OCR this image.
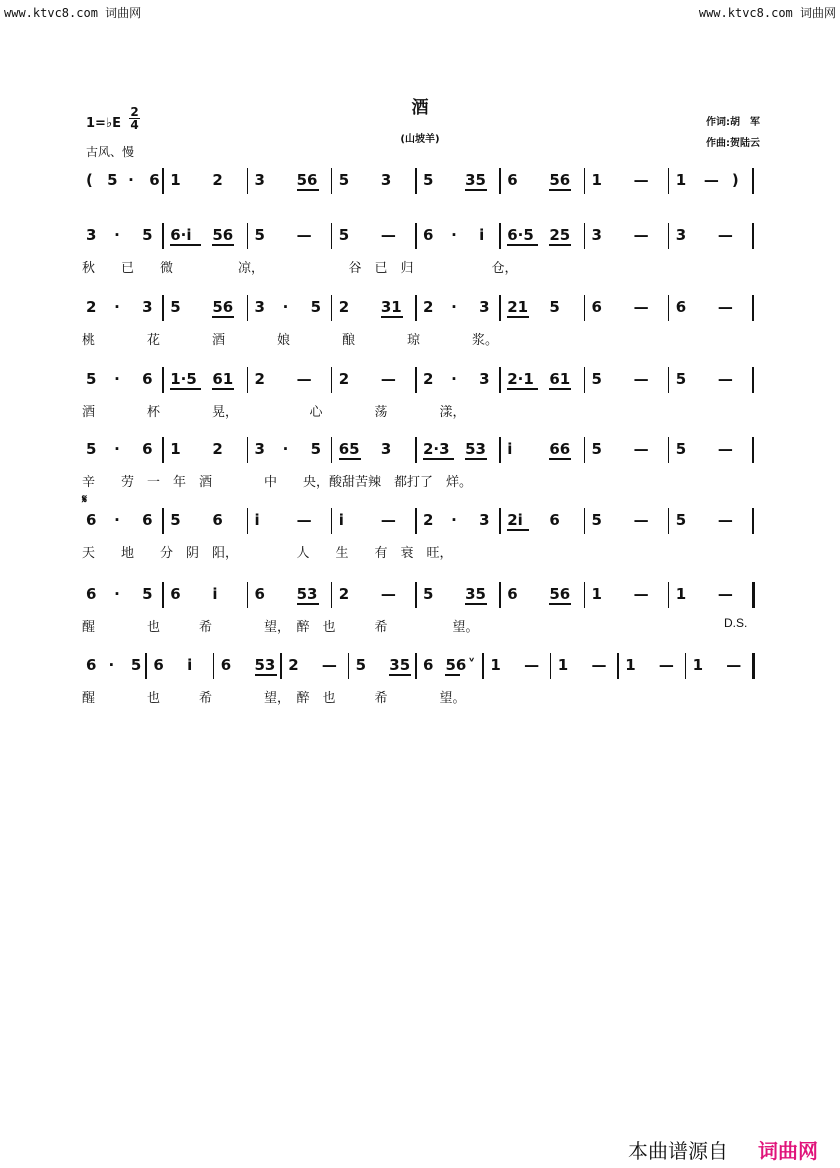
www.ktvc8.com 词曲网	www.ktvc8.com 词曲网
酒
(山坡羊)
1=♭E
2
4
古风、慢
作词:胡　军
作曲:贺陆云
( 5 · 6 1 2 3 56 5 3 5 35 6 56 1 — 1 — )
3 · 5 6·i 56 5 — 5 — 6 · i 6·5 25 3 — 3 —
秋　　已　　微　　　　　凉，　　　　　　　谷　已　归　　　　　　仓，
2 · 3 5 56 3 · 5 2 31 2 · 3 21 5 6 — 6 —
桃　　　　花　　　　酒　　　　娘　　　　酿　　　　琼　　　　浆。
5 · 6 1·5 61 2 — 2 — 2 · 3 2·1 61 5 — 5 —
酒　　　　杯　　　　晃，　　　　　　心　　　　荡　　　　漾，
5 · 6 1 2 3 · 5 65 3 2·3 53 i 66 5 — 5 —
辛　　劳　一　年　酒　　　　中　　央，酸甜苦辣　都打了　烊。
6 · 6 5 6 i — i — 2 · 3 2i 6 5 — 5 —
𝄋
天　　地　　分　阴　阳，　　　　　人　　生　　有　衰　旺，
6 · 5 6 i 6 53 2 — 5 35 6 56 1 — 1 —
醒　　　　也　　　希　　　　望，　醉　也　　　希　　　　　望。	D.S.
6 · 5 6 i 6 53 2 — 5 35 6 56 ˅ 1 — 1 — 1 — 1 —
醒　　　　也　　　希　　　　望，　醉　也　　　希　　　　望。
本曲谱源自 词曲网
